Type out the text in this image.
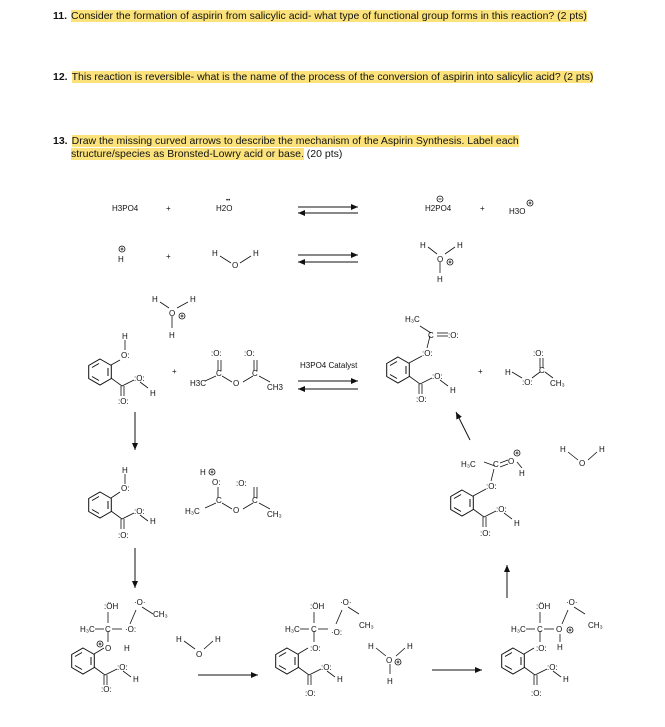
11. Consider the formation of aspirin from salicylic acid- what type of functional group forms in this reaction? (2 pts)
12. This reaction is reversible- what is the name of the process of the conversion of aspirin into salicylic acid? (2 pts)
13. Draw the missing curved arrows to describe the mechanism of the Aspirin Synthesis. Label each
structure/species as Bronsted-Lowry acid or base. (20 pts)
H3PO4	+	H2O
••
H2PO4	+	H3O
H	+	H
O
H
H
O
H
H
H
O
H
H
H
O:
:O:
H
:O:
+
:O:	:O:
H3C
C
O
C
CH3
H3PO4 Catalyst
H₃C
C :O:
:O:
:O:
H
:O:
+
:O:
H
:O:
C
CH₃
H
O:
:O:
H
:O:
H
O: :O:
H₃C
C
O
C
CH₃
H₃C C O
H
:O:
:O:
H
:O:
H
O
H
:ÖH ·O·
CH₃
H₃C C ·O:
O H
:O:
H
:O:
H
O
H
:ÖH ·O·
CH₃
H₃C C ·O:
:O:
:O:
H
:O:
H
O
H
H
:ÖH ·O·
CH₃
H₃C C O
H
:O:
:O:
H
:O:
